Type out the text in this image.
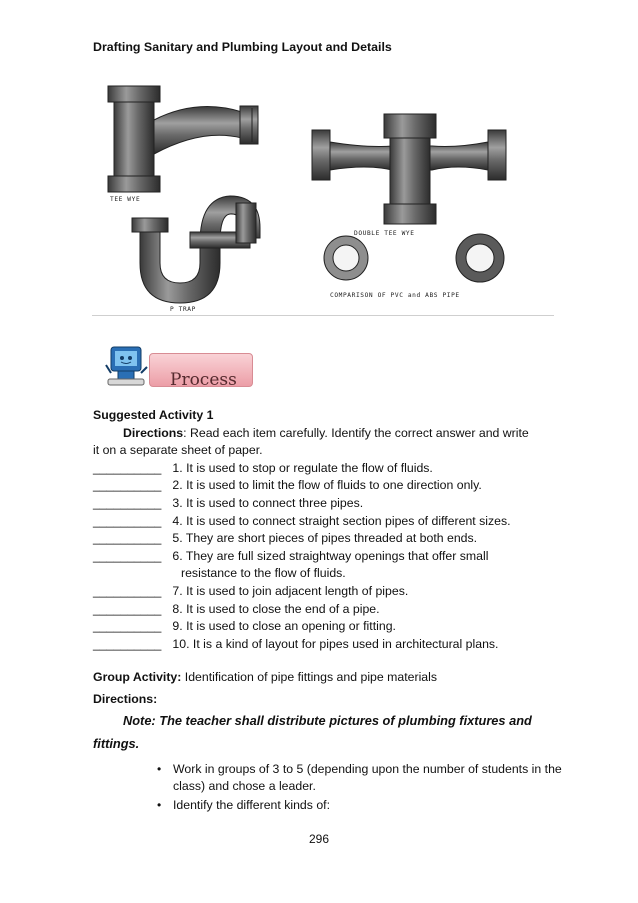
Drafting Sanitary and Plumbing Layout and Details
TEE WYE
P TRAP
DOUBLE TEE WYE
COMPARISON OF PVC and ABS PIPE
Process

Suggested Activity 1

Directions: Read each item carefully. Identify the correct answer and write

it on a separate sheet of paper.

__________ 1. It is used to stop or regulate the flow of fluids.

__________ 2. It is used to limit the flow of fluids to one direction only.

__________ 3. It is used to connect three pipes.

__________ 4. It is used to connect straight section pipes of different sizes.

__________ 5. They are short pieces of pipes threaded at both ends.

__________ 6. They are full sized straightway openings that offer small

resistance to the flow of fluids.

__________ 7. It is used to join adjacent length of pipes.

__________ 8. It is used to close the end of a pipe.

__________ 9. It is used to close an opening or fitting.

__________ 10. It is a kind of layout for pipes used in architectural plans.

Group Activity: Identification of pipe fittings and pipe materials

Directions:

Note: The teacher shall distribute pictures of plumbing fixtures and

fittings.

• Work in groups of 3 to 5 (depending upon the number of students in the class) and chose a leader.
• Identify the different kinds of:
296
